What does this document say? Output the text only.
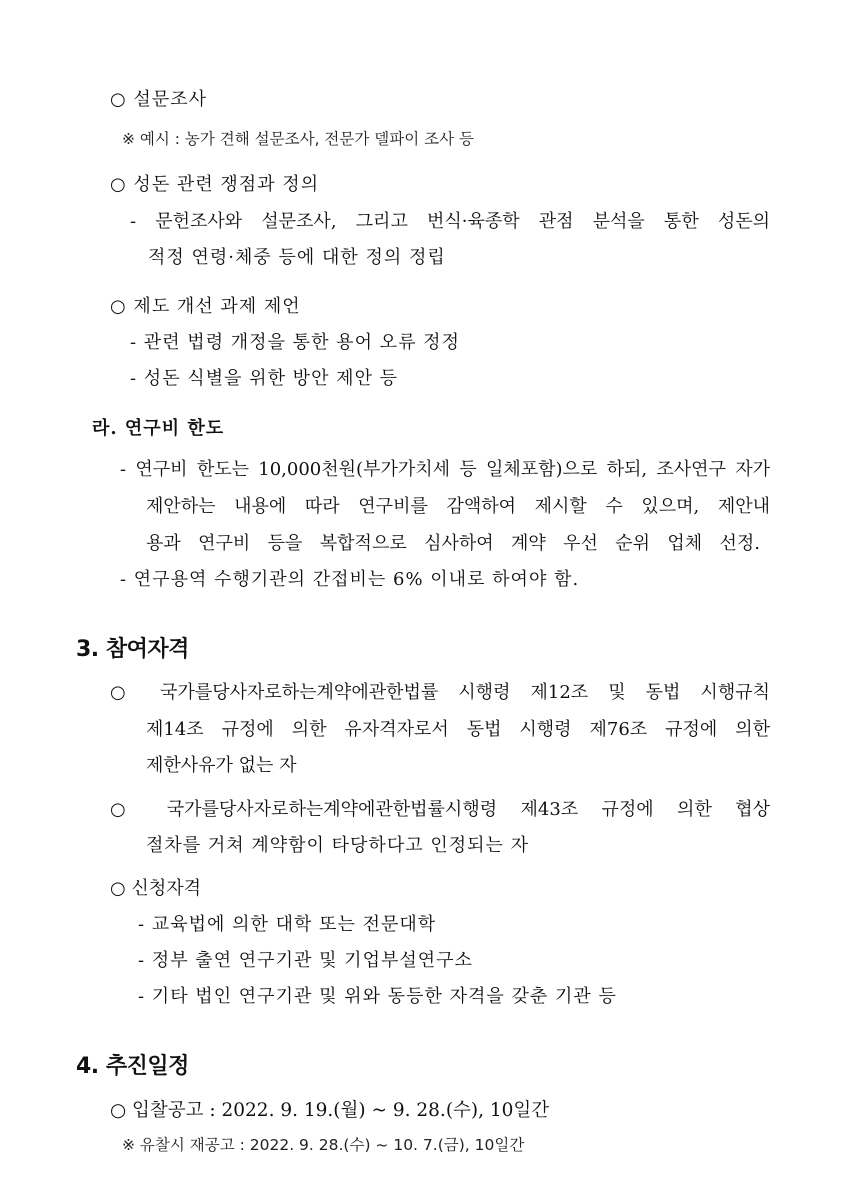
○ 설문조사
※ 예시 : 농가 견해 설문조사, 전문가 델파이 조사 등
○ 성돈 관련 쟁점과 정의
- 문헌조사와 설문조사, 그리고 번식·육종학 관점 분석을 통한 성돈의
적정 연령·체중 등에 대한 정의 정립
○ 제도 개선 과제 제언
- 관련 법령 개정을 통한 용어 오류 정정
- 성돈 식별을 위한 방안 제안 등
라. 연구비 한도
- 연구비 한도는 10,000천원(부가가치세 등 일체포함)으로 하되, 조사연구 자가
제안하는 내용에 따라 연구비를 감액하여 제시할 수 있으며, 제안내
용과 연구비 등을 복합적으로 심사하여 계약 우선 순위 업체 선정.
- 연구용역 수행기관의 간접비는 6% 이내로 하여야 함.
3. 참여자격
○ 국가를당사자로하는계약에관한법률 시행령 제12조 및 동법 시행규칙
제14조 규정에 의한 유자격자로서 동법 시행령 제76조 규정에 의한
제한사유가 없는 자
○ 국가를당사자로하는계약에관한법률시행령 제43조 규정에 의한 협상
절차를 거쳐 계약함이 타당하다고 인정되는 자
○ 신청자격
- 교육법에 의한 대학 또는 전문대학
- 정부 출연 연구기관 및 기업부설연구소
- 기타 법인 연구기관 및 위와 동등한 자격을 갖춘 기관 등
4. 추진일정
○ 입찰공고 : 2022. 9. 19.(월) ~ 9. 28.(수), 10일간
※ 유찰시 재공고 : 2022. 9. 28.(수) ~ 10. 7.(금), 10일간
